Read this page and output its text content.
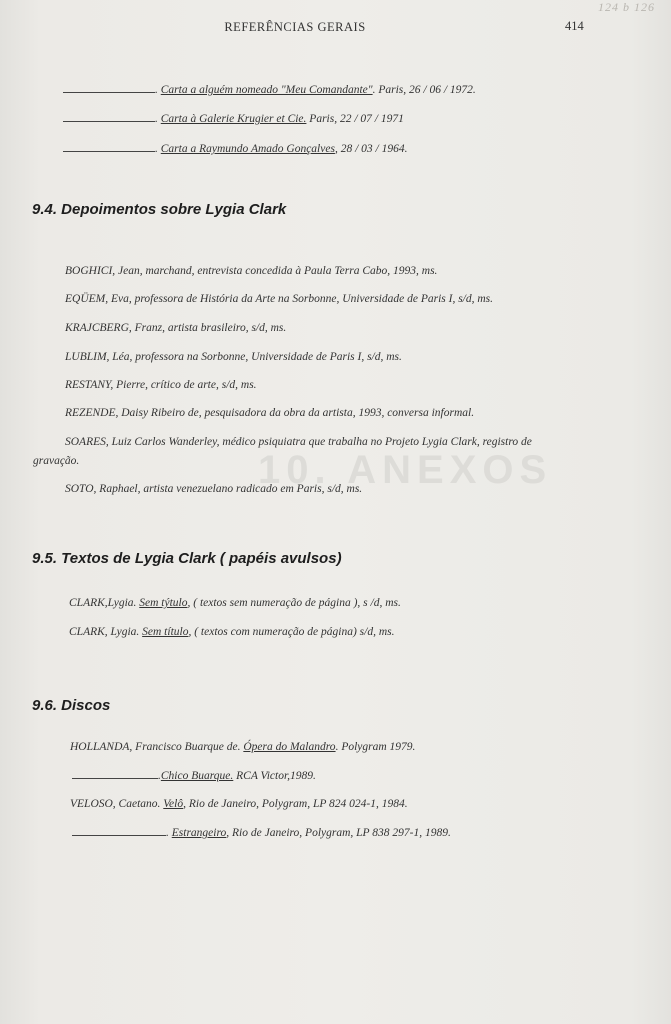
124 b 126
REFERÊNCIAS GERAIS	414
10. ANEXOS
. Carta a alguém nomeado "Meu Comandante". Paris, 26 / 06 / 1972.
. Carta à Galerie Krugier et Cie. Paris, 22 / 07 / 1971
. Carta a Raymundo Amado Gonçalves, 28 / 03 / 1964.
9.4. Depoimentos sobre Lygia Clark
BOGHICI, Jean, marchand, entrevista concedida à Paula Terra Cabo, 1993, ms.
EQÜEM, Eva, professora de História da Arte na Sorbonne, Universidade de Paris I, s/d, ms.
KRAJCBERG, Franz, artista brasileiro, s/d, ms.
LUBLIM, Léa, professora na Sorbonne, Universidade de Paris I, s/d, ms.
RESTANY, Pierre, crítico de arte, s/d, ms.
REZENDE, Daisy Ribeiro de, pesquisadora da obra da artista, 1993, conversa informal.
SOARES, Luiz Carlos Wanderley, médico psiquiatra que trabalha no Projeto Lygia Clark, registro de
gravação.
SOTO, Raphael, artista venezuelano radicado em Paris, s/d, ms.
9.5. Textos de Lygia Clark ( papéis avulsos)
CLARK,Lygia. Sem týtulo, ( textos sem numeração de página ), s /d, ms.
CLARK, Lygia. Sem título, ( textos com numeração de página) s/d, ms.
9.6. Discos
HOLLANDA, Francisco Buarque de. Ópera do Malandro. Polygram 1979.
.Chico Buarque. RCA Victor,1989.
VELOSO, Caetano. Velô, Rio de Janeiro, Polygram, LP 824 024-1, 1984.
. Estrangeiro, Rio de Janeiro, Polygram, LP 838 297-1, 1989.
